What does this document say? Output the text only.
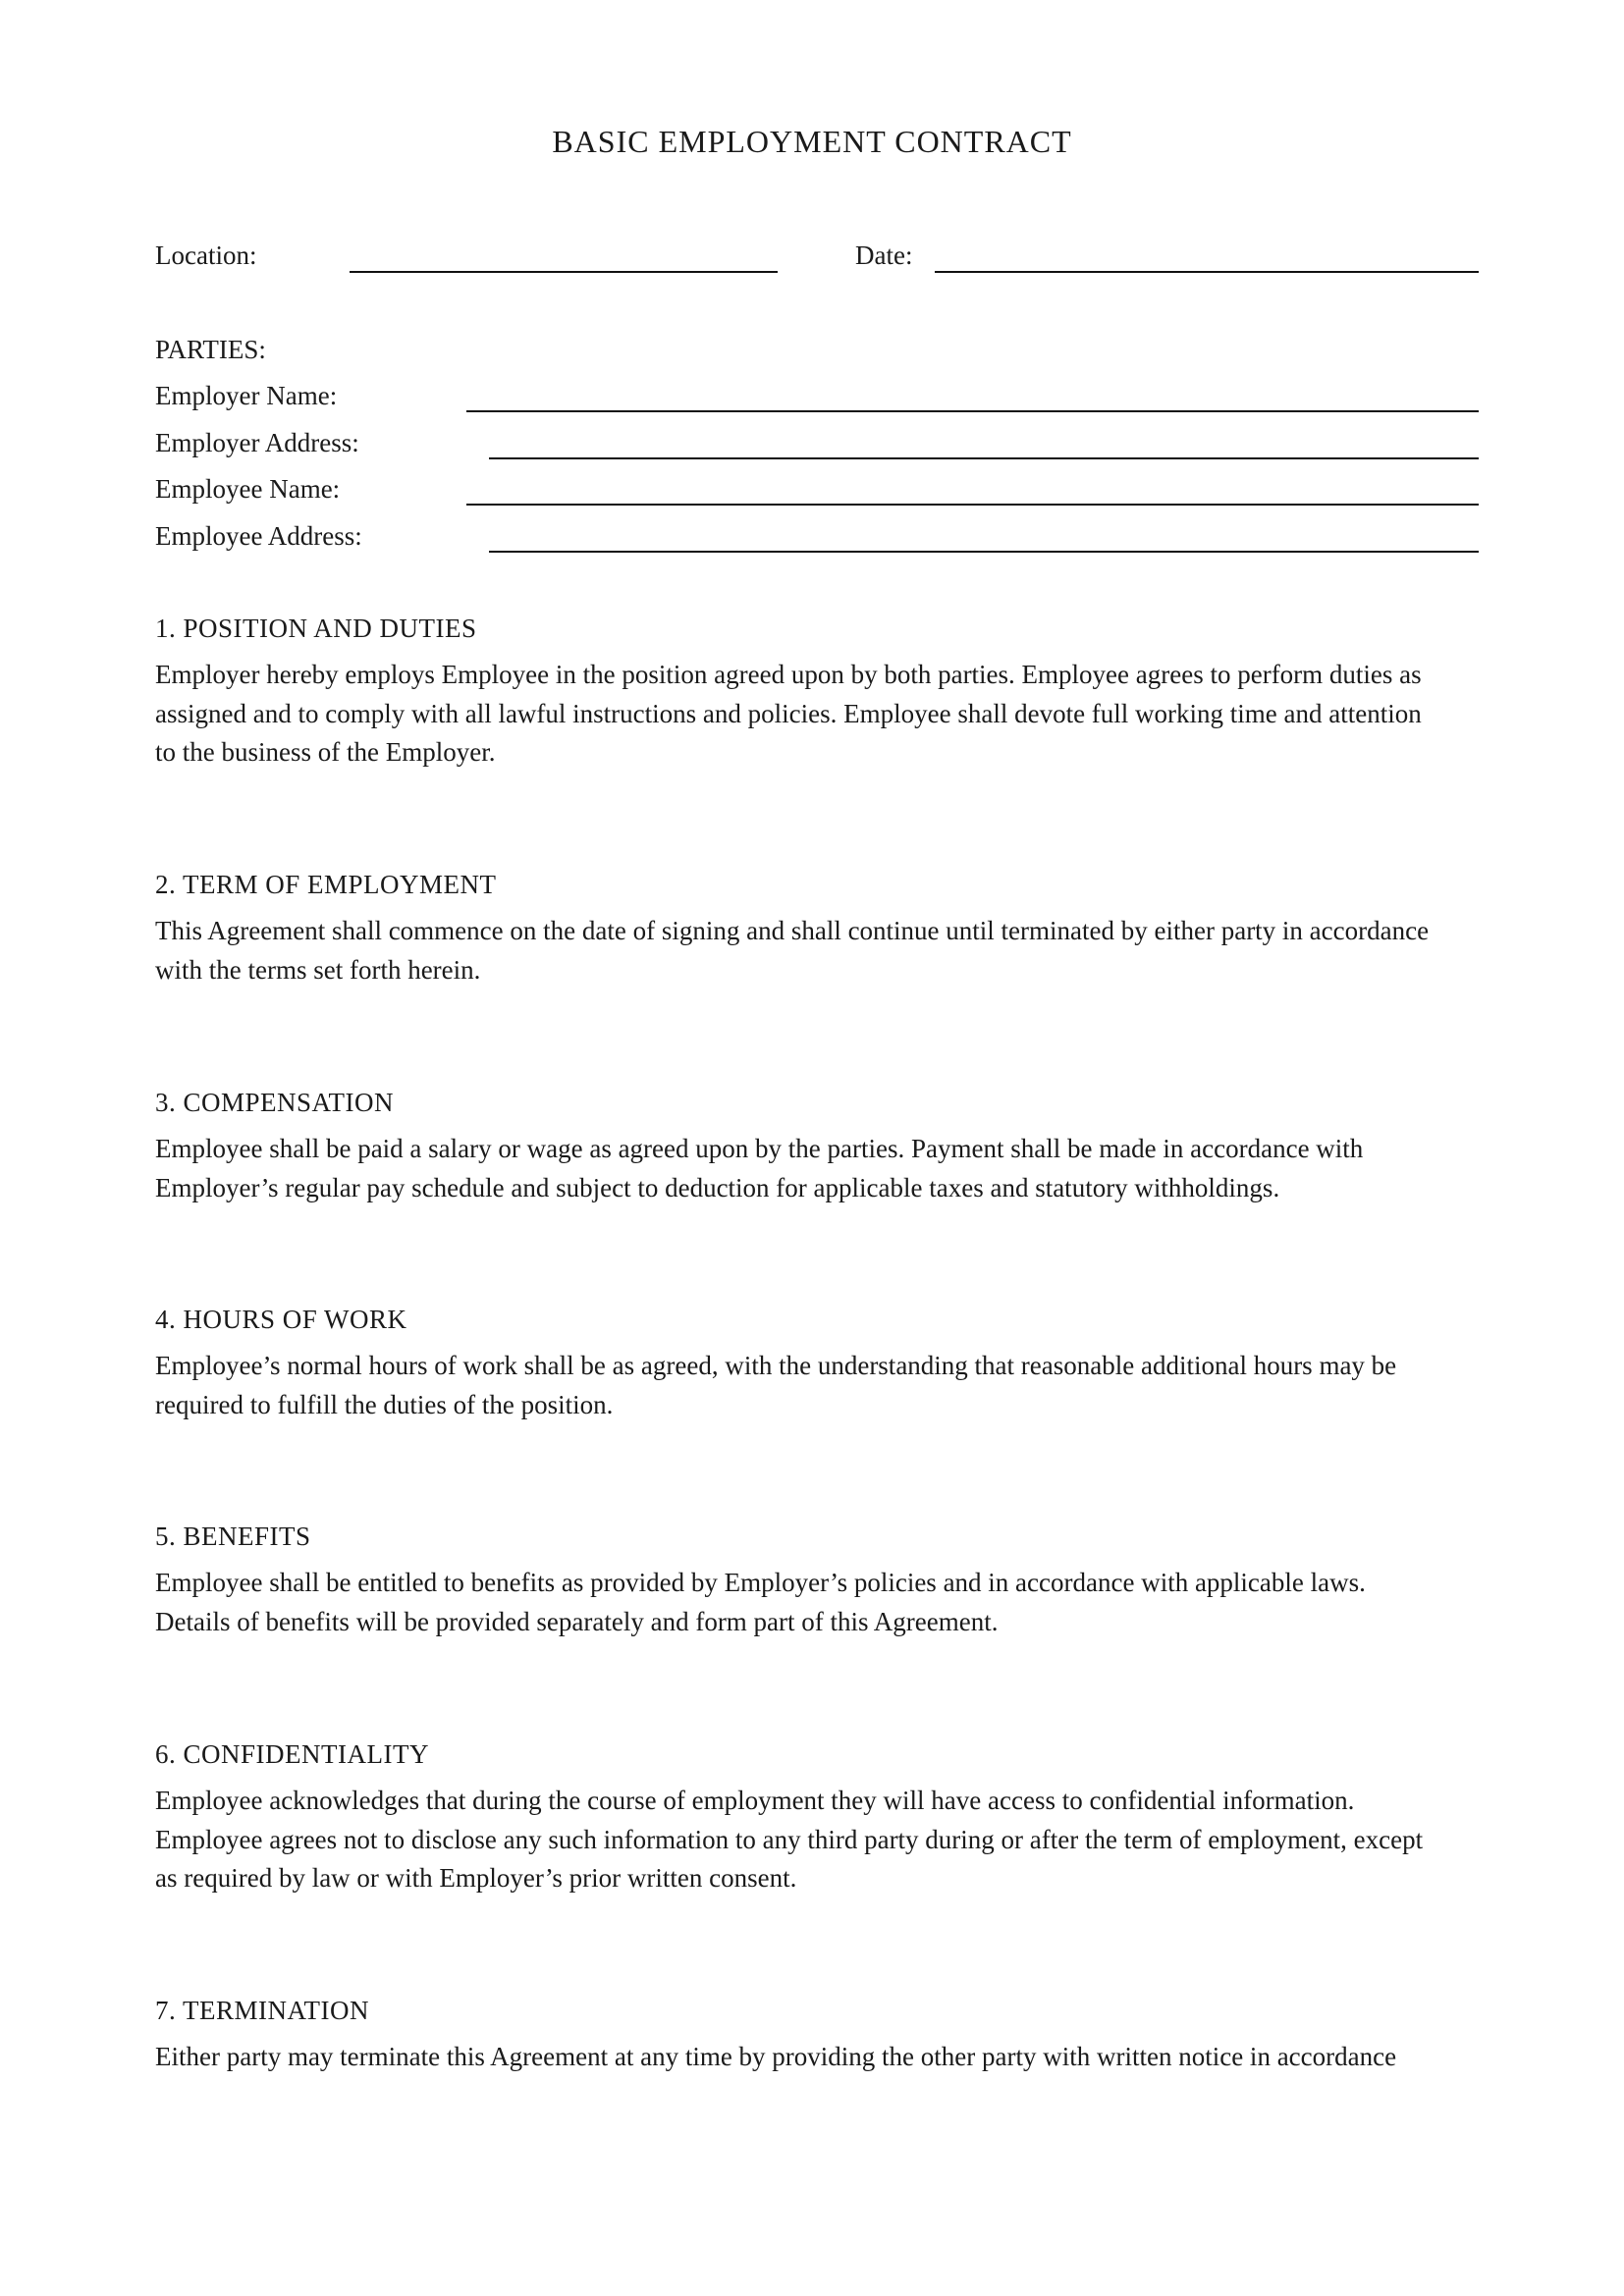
BASIC EMPLOYMENT CONTRACT
Location:	Date:
PARTIES:
Employer Name:
Employer Address:
Employee Name:
Employee Address:
1. POSITION AND DUTIES
Employer hereby employs Employee in the position agreed upon by both parties. Employee agrees to perform duties as
assigned and to comply with all lawful instructions and policies. Employee shall devote full working time and attention
to the business of the Employer.
2. TERM OF EMPLOYMENT
This Agreement shall commence on the date of signing and shall continue until terminated by either party in accordance
with the terms set forth herein.
3. COMPENSATION
Employee shall be paid a salary or wage as agreed upon by the parties. Payment shall be made in accordance with
Employer’s regular pay schedule and subject to deduction for applicable taxes and statutory withholdings.
4. HOURS OF WORK
Employee’s normal hours of work shall be as agreed, with the understanding that reasonable additional hours may be
required to fulfill the duties of the position.
5. BENEFITS
Employee shall be entitled to benefits as provided by Employer’s policies and in accordance with applicable laws.
Details of benefits will be provided separately and form part of this Agreement.
6. CONFIDENTIALITY
Employee acknowledges that during the course of employment they will have access to confidential information.
Employee agrees not to disclose any such information to any third party during or after the term of employment, except
as required by law or with Employer’s prior written consent.
7. TERMINATION
Either party may terminate this Agreement at any time by providing the other party with written notice in accordance
